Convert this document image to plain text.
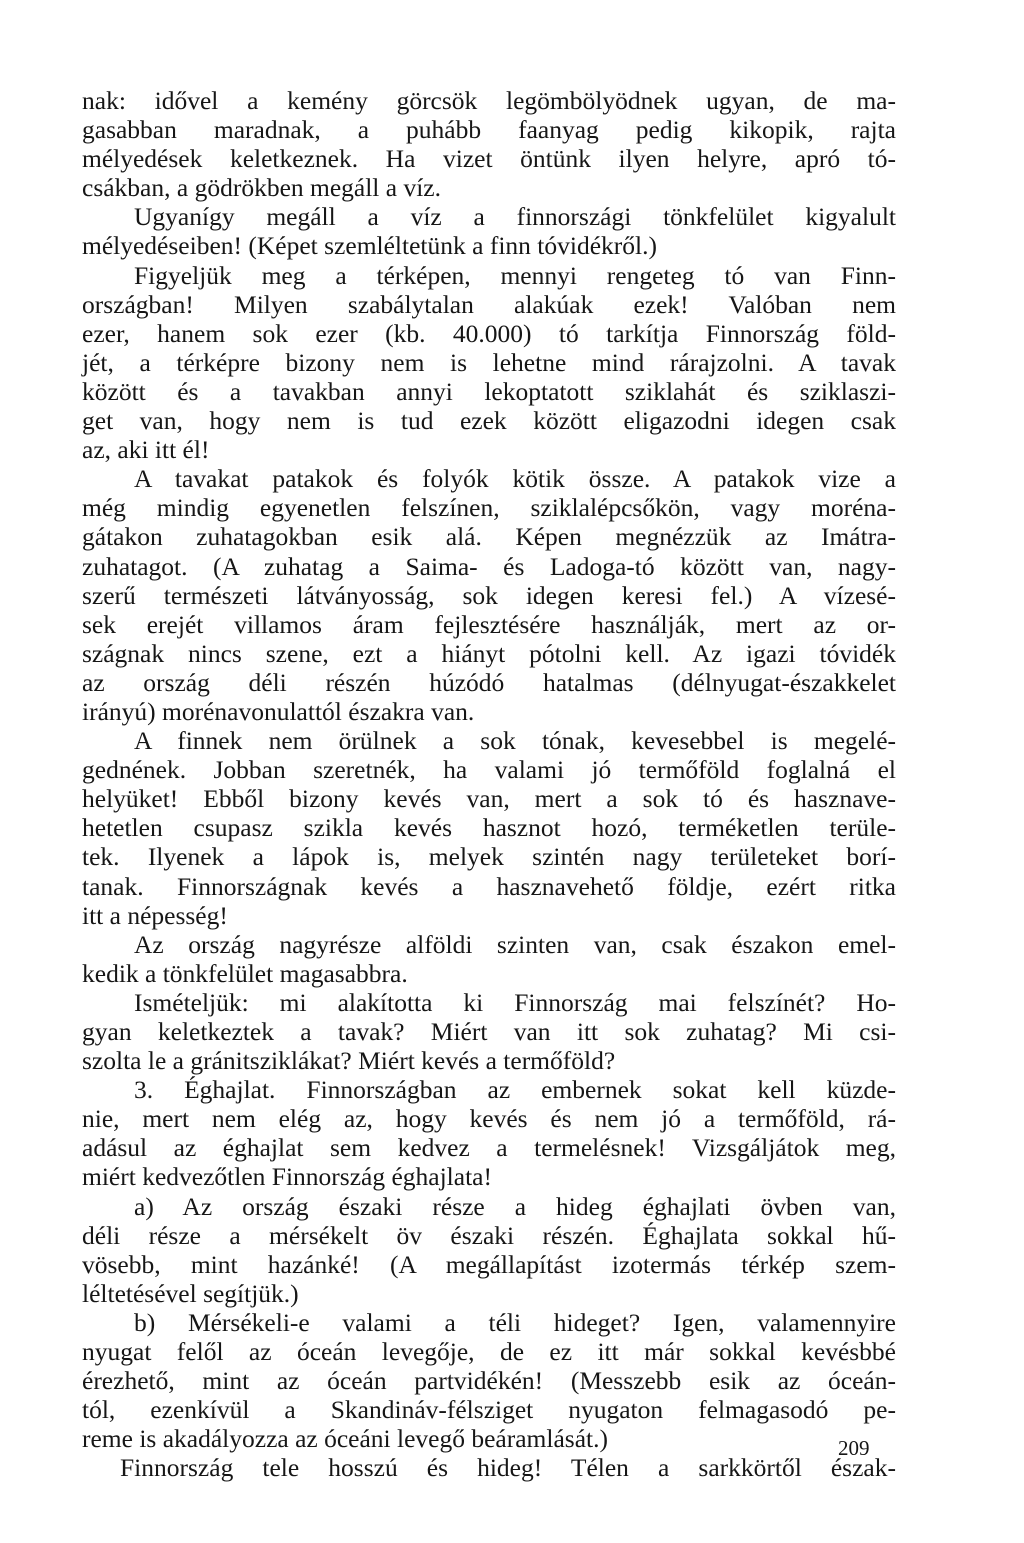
nak: idővel a kemény görcsök legömbölyödnek ugyan, de ma-
gasabban maradnak, a puhább faanyag pedig kikopik, rajta
mélyedések keletkeznek. Ha vizet öntünk ilyen helyre, apró tó-
csákban, a gödrökben megáll a víz.
Ugyanígy megáll a víz a finnországi tönkfelület kigyalult
mélyedéseiben! (Képet szemléltetünk a finn tóvidékről.)
Figyeljük meg a térképen, mennyi rengeteg tó van Finn-
országban! Milyen szabálytalan alakúak ezek! Valóban nem
ezer, hanem sok ezer (kb. 40.000) tó tarkítja Finnország föld-
jét, a térképre bizony nem is lehetne mind rárajzolni. A tavak
között és a tavakban annyi lekoptatott sziklahát és sziklaszi-
get van, hogy nem is tud ezek között eligazodni idegen csak
az, aki itt él!
A tavakat patakok és folyók kötik össze. A patakok vize a
még mindig egyenetlen felszínen, sziklalépcsőkön, vagy moréna-
gátakon zuhatagokban esik alá. Képen megnézzük az Imátra-
zuhatagot. (A zuhatag a Saima- és Ladoga-tó között van, nagy-
szerű természeti látványosság, sok idegen keresi fel.) A vízesé-
sek erejét villamos áram fejlesztésére használják, mert az or-
szágnak nincs szene, ezt a hiányt pótolni kell. Az igazi tóvidék
az ország déli részén húzódó hatalmas (délnyugat-északkelet
irányú) morénavonulattól északra van.
A finnek nem örülnek a sok tónak, kevesebbel is megelé-
gednének. Jobban szeretnék, ha valami jó termőföld foglalná el
helyüket! Ebből bizony kevés van, mert a sok tó és hasznave-
hetetlen csupasz szikla kevés hasznot hozó, terméketlen terüle-
tek. Ilyenek a lápok is, melyek szintén nagy területeket borí-
tanak. Finnországnak kevés a hasznavehető földje, ezért ritka
itt a népesség!
Az ország nagyrésze alföldi szinten van, csak északon emel-
kedik a tönkfelület magasabbra.
Ismételjük: mi alakította ki Finnország mai felszínét? Ho-
gyan keletkeztek a tavak? Miért van itt sok zuhatag? Mi csi-
szolta le a gránitsziklákat? Miért kevés a termőföld?
3. Éghajlat. Finnországban az embernek sokat kell küzde-
nie, mert nem elég az, hogy kevés és nem jó a termőföld, rá-
adásul az éghajlat sem kedvez a termelésnek! Vizsgáljátok meg,
miért kedvezőtlen Finnország éghajlata!
a) Az ország északi része a hideg éghajlati övben van,
déli része a mérsékelt öv északi részén. Éghajlata sokkal hű-
vösebb, mint hazánké! (A megállapítást izotermás térkép szem-
léltetésével segítjük.)
b) Mérsékeli-e valami a téli hideget? Igen, valamennyire
nyugat felől az óceán levegője, de ez itt már sokkal kevésbbé
érezhető, mint az óceán partvidékén! (Messzebb esik az óceán-
tól, ezenkívül a Skandináv-félsziget nyugaton felmagasodó pe-
reme is akadályozza az óceáni levegő beáramlását.)
Finnország tele hosszú és hideg! Télen a sarkkörtől észak-
209
